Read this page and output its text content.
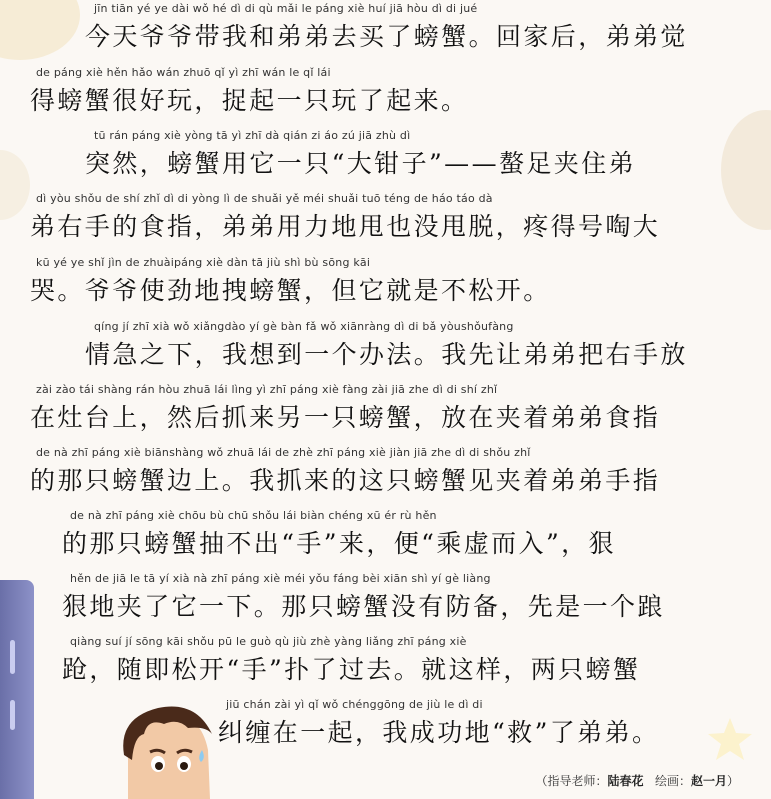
jīn tiān yé ye dài wǒ hé dì di qù mǎi le páng xiè huí jiā hòu dì di jué
今天爷爷带我和弟弟去买了螃蟹。回家后，弟弟觉
de páng xiè hěn hǎo wán zhuō qǐ yì zhī wán le qǐ lái
得螃蟹很好玩，捉起一只玩了起来。
tū rán páng xiè yòng tā yì zhī dà qián zi áo zú jiā zhù dì
突然，螃蟹用它一只“大钳子”——螯足夹住弟
dì yòu shǒu de shí zhǐ dì di yòng lì de shuǎi yě méi shuǎi tuō téng de háo táo dà
弟右手的食指，弟弟用力地甩也没甩脱，疼得号啕大
kū yé ye shǐ jìn de zhuàipáng xiè dàn tā jiù shì bù sōng kāi
哭。爷爷使劲地拽螃蟹，但它就是不松开。
qíng jí zhī xià wǒ xiǎngdào yí gè bàn fǎ wǒ xiānràng dì di bǎ yòushǒufàng
情急之下，我想到一个办法。我先让弟弟把右手放
zài zào tái shàng rán hòu zhuā lái lìng yì zhī páng xiè fàng zài jiā zhe dì di shí zhǐ
在灶台上，然后抓来另一只螃蟹，放在夹着弟弟食指
de nà zhī páng xiè biānshàng wǒ zhuā lái de zhè zhī páng xiè jiàn jiā zhe dì di shǒu zhǐ
的那只螃蟹边上。我抓来的这只螃蟹见夹着弟弟手指
de nà zhī páng xiè chōu bù chū shǒu lái biàn chéng xū ér rù hěn
的那只螃蟹抽不出“手”来，便“乘虚而入”，狠
hěn de jiā le tā yí xià nà zhī páng xiè méi yǒu fáng bèi xiān shì yí gè liàng
狠地夹了它一下。那只螃蟹没有防备，先是一个踉
qiàng suí jí sōng kāi shǒu pū le guò qù jiù zhè yàng liǎng zhī páng xiè
跄，随即松开“手”扑了过去。就这样，两只螃蟹
jiū chán zài yì qǐ wǒ chénggōng de jiù le dì di
纠缠在一起，我成功地“救”了弟弟。
（指导老师：陆春花 绘画：赵一月）
